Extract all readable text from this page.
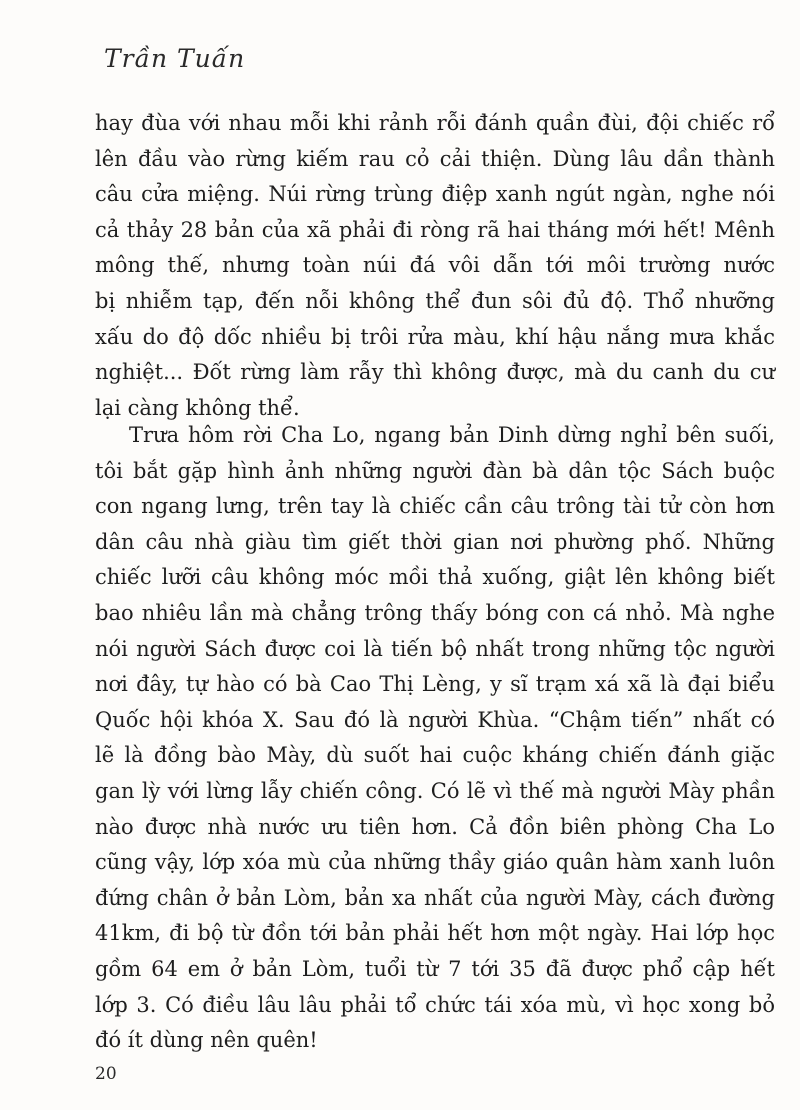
Trần Tuấn
hay đùa với nhau mỗi khi rảnh rỗi đánh quần đùi, đội chiếc rổ
lên đầu vào rừng kiếm rau cỏ cải thiện. Dùng lâu dần thành
câu cửa miệng. Núi rừng trùng điệp xanh ngút ngàn, nghe nói
cả thảy 28 bản của xã phải đi ròng rã hai tháng mới hết! Mênh
mông thế, nhưng toàn núi đá vôi dẫn tới môi trường nước
bị nhiễm tạp, đến nỗi không thể đun sôi đủ độ. Thổ nhưỡng
xấu do độ dốc nhiều bị trôi rửa màu, khí hậu nắng mưa khắc
nghiệt... Đốt rừng làm rẫy thì không được, mà du canh du cư
lại càng không thể.
Trưa hôm rời Cha Lo, ngang bản Dinh dừng nghỉ bên suối,
tôi bắt gặp hình ảnh những người đàn bà dân tộc Sách buộc
con ngang lưng, trên tay là chiếc cần câu trông tài tử còn hơn
dân câu nhà giàu tìm giết thời gian nơi phường phố. Những
chiếc lưỡi câu không móc mồi thả xuống, giật lên không biết
bao nhiêu lần mà chẳng trông thấy bóng con cá nhỏ. Mà nghe
nói người Sách được coi là tiến bộ nhất trong những tộc người
nơi đây, tự hào có bà Cao Thị Lèng, y sĩ trạm xá xã là đại biểu
Quốc hội khóa X. Sau đó là người Khùa. “Chậm tiến” nhất có
lẽ là đồng bào Mày, dù suốt hai cuộc kháng chiến đánh giặc
gan lỳ với lừng lẫy chiến công. Có lẽ vì thế mà người Mày phần
nào được nhà nước ưu tiên hơn. Cả đồn biên phòng Cha Lo
cũng vậy, lớp xóa mù của những thầy giáo quân hàm xanh luôn
đứng chân ở bản Lòm, bản xa nhất của người Mày, cách đường
41km, đi bộ từ đồn tới bản phải hết hơn một ngày. Hai lớp học
gồm 64 em ở bản Lòm, tuổi từ 7 tới 35 đã được phổ cập hết
lớp 3. Có điều lâu lâu phải tổ chức tái xóa mù, vì học xong bỏ
đó ít dùng nên quên!
20
